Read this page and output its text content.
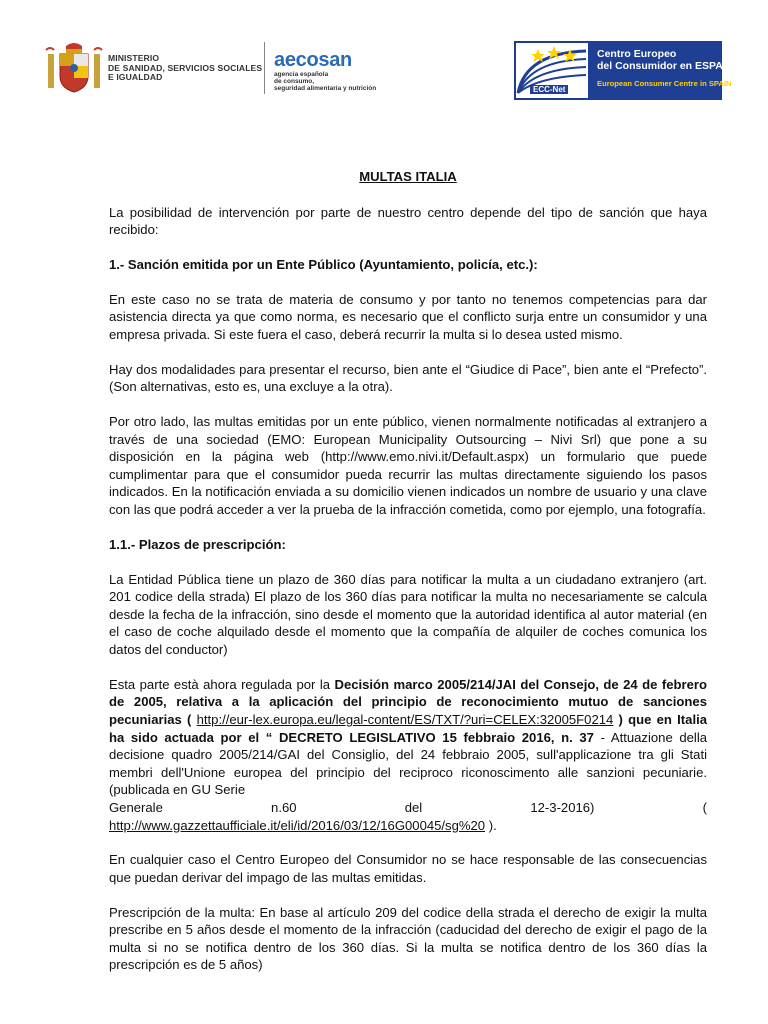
MINISTERIO
DE SANIDAD, SERVICIOS SOCIALES
E IGUALDAD
aecosan
agencia española
de consumo,
seguridad alimentaria y nutrición	ECC-Net
Centro Europeo
del Consumidor en ESPAÑA
European Consumer Centre in SPAIN

MULTAS ITALIA

La posibilidad de intervención por parte de nuestro centro depende del tipo de sanción que haya recibido:

1.- Sanción emitida por un Ente Público (Ayuntamiento, policía, etc.):

En este caso no se trata de materia de consumo y por tanto no tenemos competencias para dar asistencia directa ya que como norma, es necesario que el conflicto surja entre un consumidor y una empresa privada. Si este fuera el caso, deberá recurrir la multa si lo desea usted mismo.

Hay dos modalidades para presentar el recurso, bien ante el “Giudice di Pace”, bien ante el “Prefecto”. (Son alternativas, esto es, una excluye a la otra).

Por otro lado, las multas emitidas por un ente público, vienen normalmente notificadas al extranjero a través de una sociedad (EMO: European Municipality Outsourcing – Nivi Srl) que pone a su disposición en la página web (http://www.emo.nivi.it/Default.aspx) un formulario que puede cumplimentar para que el consumidor pueda recurrir las multas directamente siguiendo los pasos indicados. En la notificación enviada a su domicilio vienen indicados un nombre de usuario y una clave con las que podrá acceder a ver la prueba de la infracción cometida, como por ejemplo, una fotografía.

1.1.- Plazos de prescripción:

La Entidad Pública tiene un plazo de 360 días para notificar la multa a un ciudadano extranjero (art. 201 codice della strada) El plazo de los 360 días para notificar la multa no necesariamente se calcula desde la fecha de la infracción, sino desde el momento que la autoridad identifica al autor material (en el caso de coche alquilado desde el momento que la compañía de alquiler de coches comunica los datos del conductor)

Esta parte està ahora regulada por la Decisión marco 2005/214/JAI del Consejo, de 24 de febrero de 2005, relativa a la aplicación del principio de reconocimiento mutuo de sanciones pecuniarias ( http://eur-lex.europa.eu/legal-content/ES/TXT/?uri=CELEX:32005F0214 ) que en Italia ha sido actuada por el “ DECRETO LEGISLATIVO 15 febbraio 2016, n. 37 - Attuazione della decisione quadro 2005/214/GAI del Consiglio, del 24 febbraio 2005, sull'applicazione tra gli Stati membri dell'Unione europea del principio del reciproco riconoscimento alle sanzioni pecuniarie. (publicada en GU Serie

Generale	n.60	del	12-3-2016)	(

http://www.gazzettaufficiale.it/eli/id/2016/03/12/16G00045/sg%20 ).

En cualquier caso el Centro Europeo del Consumidor no se hace responsable de las consecuencias que puedan derivar del impago de las multas emitidas.

Prescripción de la multa: En base al artículo 209 del codice della strada el derecho de exigir la multa prescribe en 5 años desde el momento de la infracción (caducidad del derecho de exigir el pago de la multa si no se notifica dentro de los 360 días. Si la multa se notifica dentro de los 360 días la prescripción es de 5 años)
